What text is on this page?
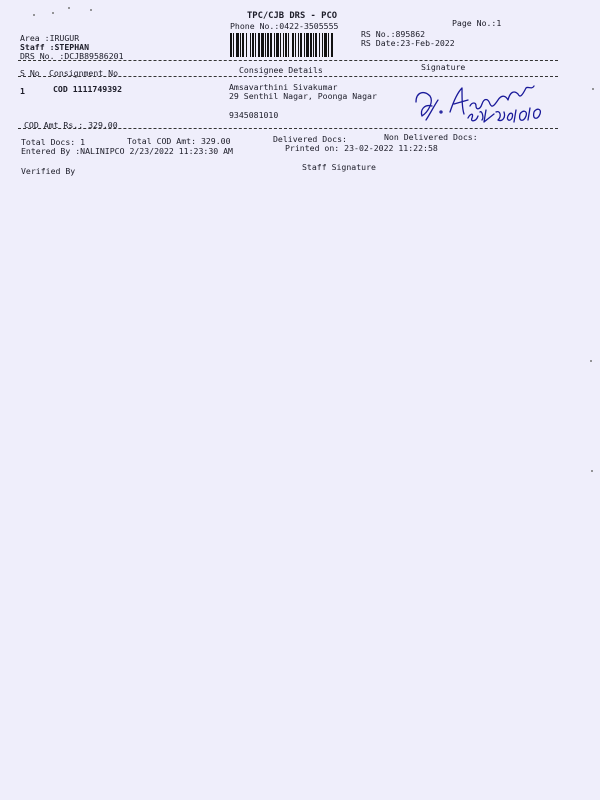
TPC/CJB DRS - PCO
Phone No.:0422-3505555	Page No.:1
RS No.:895862
RS Date:23-Feb-2022
Area :IRUGUR
Staff :STEPHAN
DRS No. :DCJB89586201
S No Consignment No	Consignee Details	Signature
1	COD 1111749392	Amsavarthini Sivakumar
29 Senthil Nagar, Poonga Nagar
9345081010
COD Amt Rs.: 329.00
Total Docs: 1	Total COD Amt: 329.00	Delivered Docs:	Non Delivered Docs:
Entered By :NALINIPCO 2/23/2022 11:23:30 AM	Printed on: 23-02-2022 11:22:58
Verified By	Staff Signature
